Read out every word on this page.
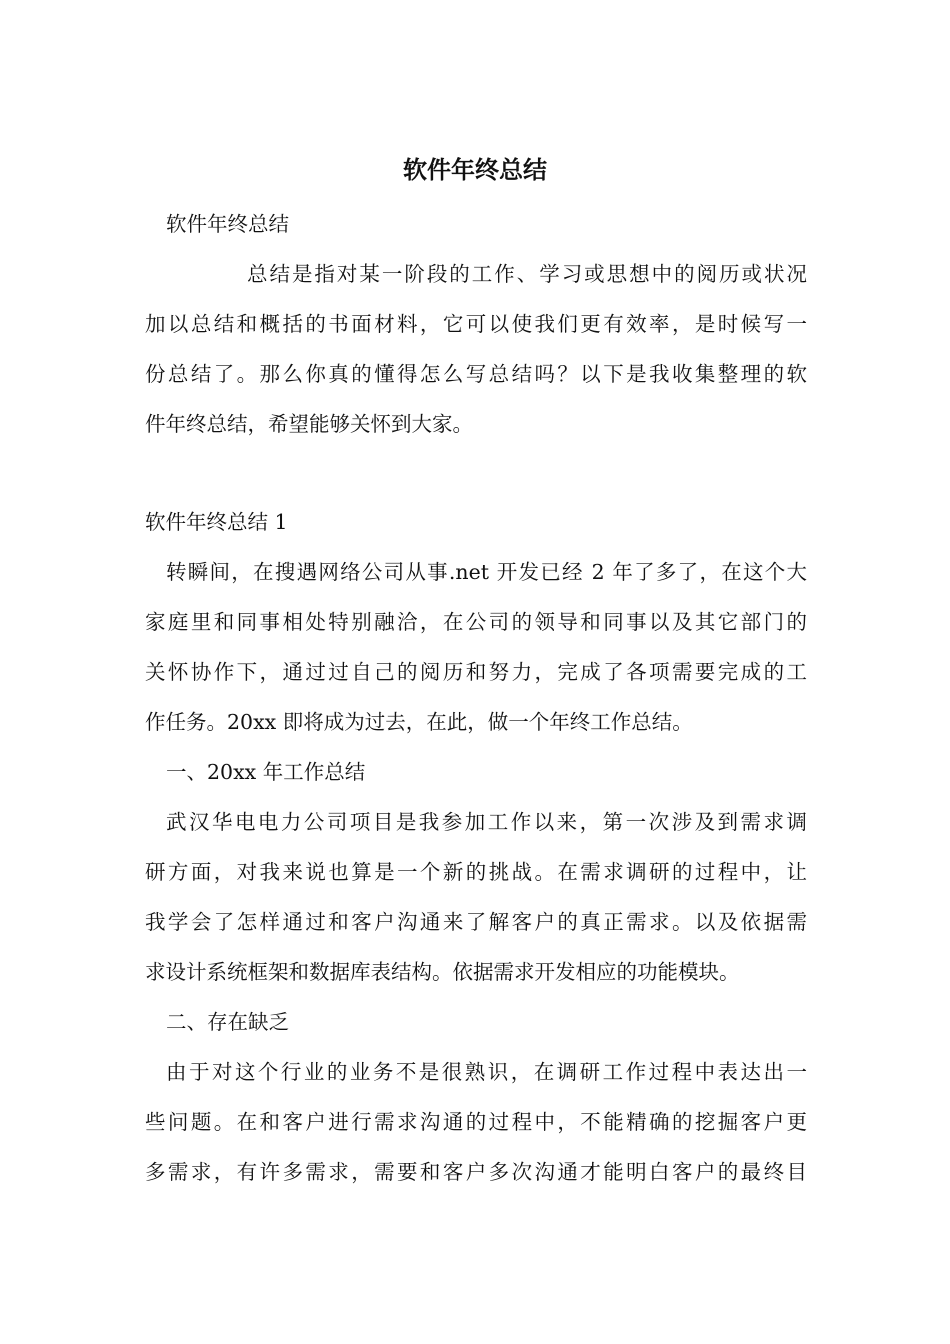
软件年终总结
软件年终总结
总结是指对某一阶段的工作、学习或思想中的阅历或状况
加以总结和概括的书面材料，它可以使我们更有效率，是时候写一
份总结了。那么你真的懂得怎么写总结吗？以下是我收集整理的软
件年终总结，希望能够关怀到大家。
软件年终总结 1
转瞬间，在搜遇网络公司从事.net 开发已经 2 年了多了，在这个大
家庭里和同事相处特别融洽，在公司的领导和同事以及其它部门的
关怀协作下，通过过自己的阅历和努力，完成了各项需要完成的工
作任务。20xx 即将成为过去，在此，做一个年终工作总结。
一、20xx 年工作总结
武汉华电电力公司项目是我参加工作以来，第一次涉及到需求调
研方面，对我来说也算是一个新的挑战。在需求调研的过程中，让
我学会了怎样通过和客户沟通来了解客户的真正需求。以及依据需
求设计系统框架和数据库表结构。依据需求开发相应的功能模块。
二、存在缺乏
由于对这个行业的业务不是很熟识，在调研工作过程中表达出一
些问题。在和客户进行需求沟通的过程中，不能精确的挖掘客户更
多需求，有许多需求，需要和客户多次沟通才能明白客户的最终目
